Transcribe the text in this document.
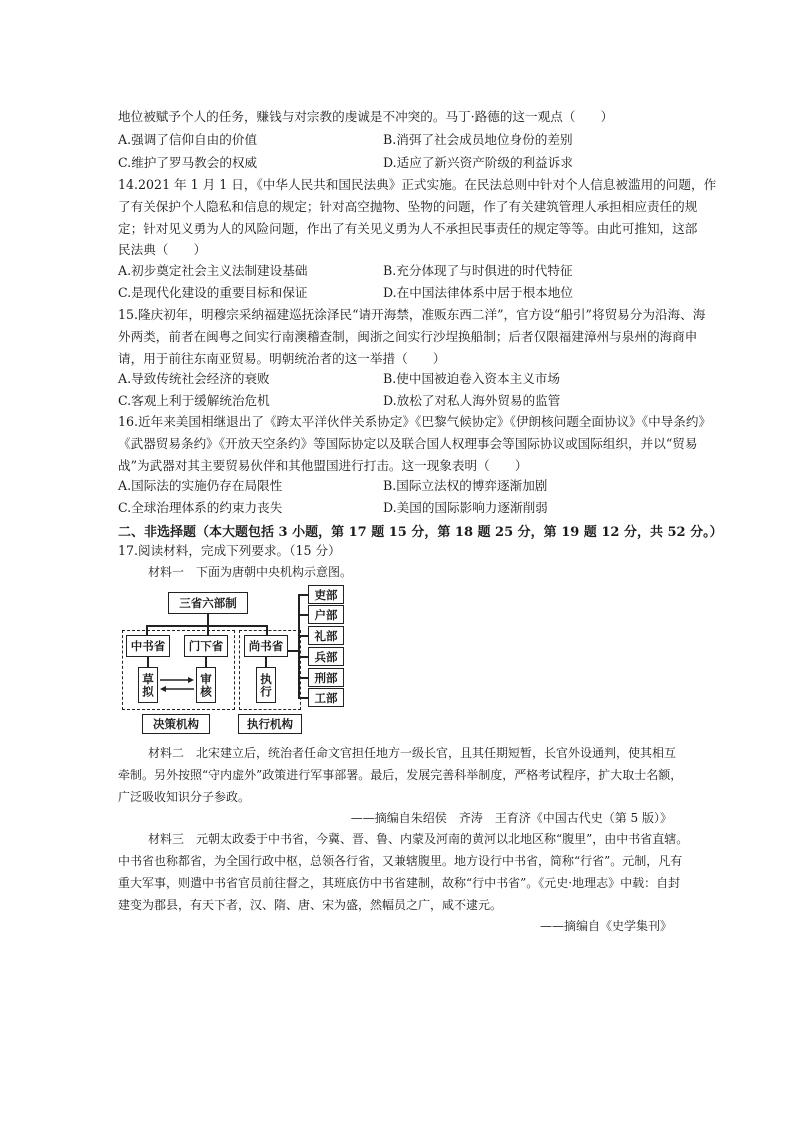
地位被赋予个人的任务，赚钱与对宗教的虔诚是不冲突的。马丁·路德的这一观点（　　）
A.强调了信仰自由的价值	B.消弭了社会成员地位身份的差别
C.维护了罗马教会的权威	D.适应了新兴资产阶级的利益诉求
14.2021 年 1 月 1 日，《中华人民共和国民法典》正式实施。在民法总则中针对个人信息被滥用的问题，作
了有关保护个人隐私和信息的规定；针对高空抛物、坠物的问题，作了有关建筑管理人承担相应责任的规
定；针对见义勇为人的风险问题，作出了有关见义勇为人不承担民事责任的规定等等。由此可推知，这部
民法典（　　）
A.初步奠定社会主义法制建设基础	B.充分体现了与时俱进的时代特征
C.是现代化建设的重要目标和保证	D.在中国法律体系中居于根本地位
15.隆庆初年，明穆宗采纳福建巡抚涂泽民“请开海禁，准贩东西二洋”，官方设“船引”将贸易分为沿海、海
外两类，前者在闽粤之间实行南澳稽查制，闽浙之间实行沙埕换船制；后者仅限福建漳州与泉州的海商申
请，用于前往东南亚贸易。明朝统治者的这一举措（　　）
A.导致传统社会经济的衰败	B.使中国被迫卷入资本主义市场
C.客观上利于缓解统治危机	D.放松了对私人海外贸易的监管
16.近年来美国相继退出了《跨太平洋伙伴关系协定》《巴黎气候协定》《伊朗核问题全面协议》《中导条约》
《武器贸易条约》《开放天空条约》等国际协定以及联合国人权理事会等国际协议或国际组织，并以“贸易
战”为武器对其主要贸易伙伴和其他盟国进行打击。这一现象表明（　　）
A.国际法的实施仍存在局限性	B.国际立法权的博弈逐渐加剧
C.全球治理体系的约束力丧失	D.美国的国际影响力逐渐削弱
二、非选择题（本大题包括 3 小题，第 17 题 15 分，第 18 题 25 分，第 19 题 12 分，共 52 分。）
17.阅读材料，完成下列要求。（15 分）
材料一　下面为唐朝中央机构示意图。
三省六部制
中书省	门下省	尚书省
草拟	审核	执行
决策机构	执行机构
吏部
户部
礼部
兵部
刑部
工部
材料二　北宋建立后，统治者任命文官担任地方一级长官，且其任期短暂，长官外设通判，使其相互
牵制。另外按照“守内虚外”政策进行军事部署。最后，发展完善科举制度，严格考试程序，扩大取士名额，
广泛吸收知识分子参政。
——摘编自朱绍侯　齐涛　王育济《中国古代史（第 5 版）》
材料三　元朝太政委于中书省，今冀、晋、鲁、内蒙及河南的黄河以北地区称“腹里”，由中书省直辖。
中书省也称都省，为全国行政中枢，总领各行省，又兼辖腹里。地方设行中书省，简称“行省”。元制，凡有
重大军事，则遣中书省官员前往督之，其班底仿中书省建制，故称“行中书省”。《元史·地理志》中载：自封
建变为郡县，有天下者，汉、隋、唐、宋为盛，然幅员之广，咸不逮元。
——摘编自《史学集刊》
